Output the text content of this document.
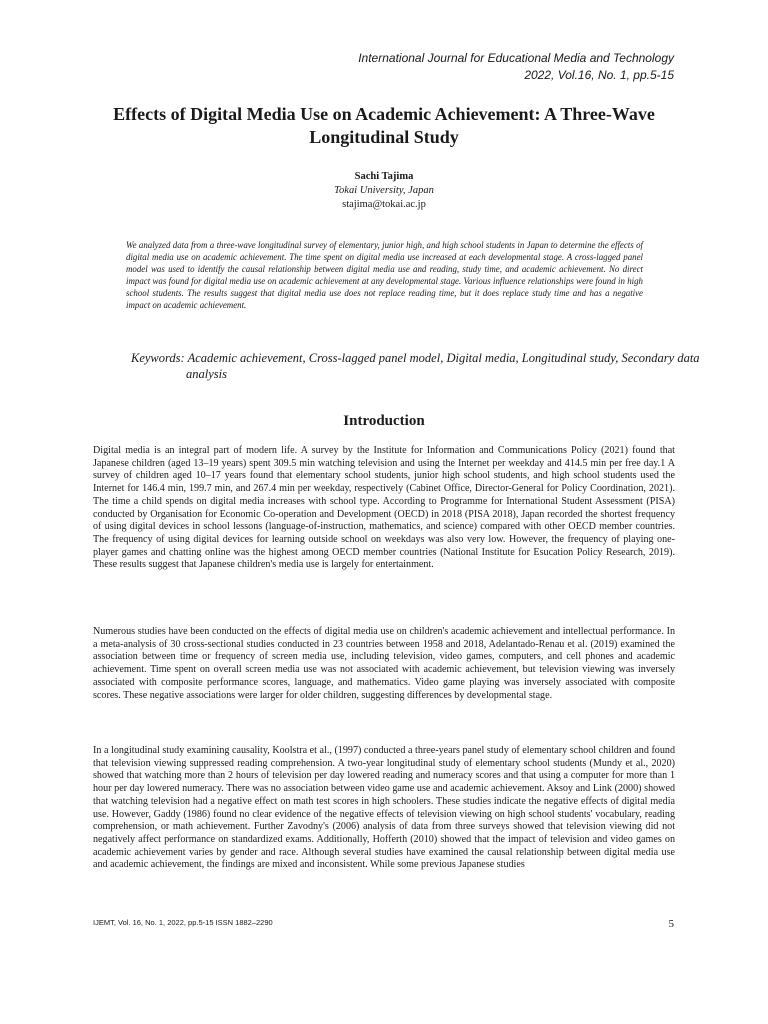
International Journal for Educational Media and Technology
2022, Vol.16, No. 1, pp.5-15
Effects of Digital Media Use on Academic Achievement: A Three-Wave Longitudinal Study
Sachi Tajima
Tokai University, Japan
stajima@tokai.ac.jp

We analyzed data from a three-wave longitudinal survey of elementary, junior high, and high school students in Japan to determine the effects of digital media use on academic achievement. The time spent on digital media use increased at each developmental stage. A cross-lagged panel model was used to identify the causal relationship between digital media use and reading, study time, and academic achievement. No direct impact was found for digital media use on academic achievement at any developmental stage. Various influence relationships were found in high school students. The results suggest that digital media use does not replace reading time, but it does replace study time and has a negative impact on academic achievement.

Keywords: Academic achievement, Cross-lagged panel model, Digital media, Longitudinal study, Secondary data analysis

Introduction

Digital media is an integral part of modern life. A survey by the Institute for Information and Communications Policy (2021) found that Japanese children (aged 13–19 years) spent 309.5 min watching television and using the Internet per weekday and 414.5 min per free day.1 A survey of children aged 10–17 years found that elementary school students, junior high school students, and high school students used the Internet for 146.4 min, 199.7 min, and 267.4 min per weekday, respectively (Cabinet Office, Director-General for Policy Coordination, 2021). The time a child spends on digital media increases with school type. According to Programme for International Student Assessment (PISA) conducted by Organisation for Economic Co-operation and Development (OECD) in 2018 (PISA 2018), Japan recorded the shortest frequency of using digital devices in school lessons (language-of-instruction, mathematics, and science) compared with other OECD member countries. The frequency of using digital devices for learning outside school on weekdays was also very low. However, the frequency of playing one-player games and chatting online was the highest among OECD member countries (National Institute for Esucation Policy Research, 2019). These results suggest that Japanese children's media use is largely for entertainment.

Numerous studies have been conducted on the effects of digital media use on children's academic achievement and intellectual performance. In a meta-analysis of 30 cross-sectional studies conducted in 23 countries between 1958 and 2018, Adelantado-Renau et al. (2019) examined the association between time or frequency of screen media use, including television, video games, computers, and cell phones and academic achievement. Time spent on overall screen media use was not associated with academic achievement, but television viewing was inversely associated with composite performance scores, language, and mathematics. Video game playing was inversely associated with composite scores. These negative associations were larger for older children, suggesting differences by developmental stage.

In a longitudinal study examining causality, Koolstra et al., (1997) conducted a three-years panel study of elementary school children and found that television viewing suppressed reading comprehension. A two-year longitudinal study of elementary school students (Mundy et al., 2020) showed that watching more than 2 hours of television per day lowered reading and numeracy scores and that using a computer for more than 1 hour per day lowered numeracy. There was no association between video game use and academic achievement. Aksoy and Link (2000) showed that watching television had a negative effect on math test scores in high schoolers. These studies indicate the negative effects of digital media use. However, Gaddy (1986) found no clear evidence of the negative effects of television viewing on high school students' vocabulary, reading comprehension, or math achievement. Further Zavodny's (2006) analysis of data from three surveys showed that television viewing did not negatively affect performance on standardized exams. Additionally, Hofferth (2010) showed that the impact of television and video games on academic achievement varies by gender and race. Although several studies have examined the causal relationship between digital media use and academic achievement, the findings are mixed and inconsistent. While some previous Japanese studies

IJEMT, Vol. 16, No. 1, 2022, pp.5-15 ISSN 1882–2290	5
